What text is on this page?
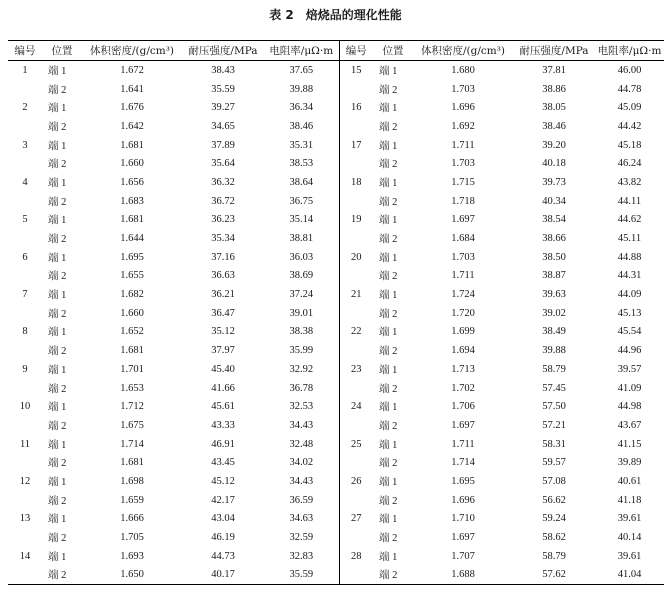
表 2　焙烧品的理化性能
编号	位置	体积密度/(g/cm³)	耐压强度/MPa	电阻率/μΩ·m	编号	位置	体积密度/(g/cm³)	耐压强度/MPa	电阻率/μΩ·m
1	端 1	1.672	38.43	37.65	15	端 1	1.680	37.81	46.00
	端 2	1.641	35.59	39.88		端 2	1.703	38.86	44.78
2	端 1	1.676	39.27	36.34	16	端 1	1.696	38.05	45.09
	端 2	1.642	34.65	38.46		端 2	1.692	38.46	44.42
3	端 1	1.681	37.89	35.31	17	端 1	1.711	39.20	45.18
	端 2	1.660	35.64	38.53		端 2	1.703	40.18	46.24
4	端 1	1.656	36.32	38.64	18	端 1	1.715	39.73	43.82
	端 2	1.683	36.72	36.75		端 2	1.718	40.34	44.11
5	端 1	1.681	36.23	35.14	19	端 1	1.697	38.54	44.62
	端 2	1.644	35.34	38.81		端 2	1.684	38.66	45.11
6	端 1	1.695	37.16	36.03	20	端 1	1.703	38.50	44.88
	端 2	1.655	36.63	38.69		端 2	1.711	38.87	44.31
7	端 1	1.682	36.21	37.24	21	端 1	1.724	39.63	44.09
	端 2	1.660	36.47	39.01		端 2	1.720	39.02	45.13
8	端 1	1.652	35.12	38.38	22	端 1	1.699	38.49	45.54
	端 2	1.681	37.97	35.99		端 2	1.694	39.88	44.96
9	端 1	1.701	45.40	32.92	23	端 1	1.713	58.79	39.57
	端 2	1.653	41.66	36.78		端 2	1.702	57.45	41.09
10	端 1	1.712	45.61	32.53	24	端 1	1.706	57.50	44.98
	端 2	1.675	43.33	34.43		端 2	1.697	57.21	43.67
11	端 1	1.714	46.91	32.48	25	端 1	1.711	58.31	41.15
	端 2	1.681	43.45	34.02		端 2	1.714	59.57	39.89
12	端 1	1.698	45.12	34.43	26	端 1	1.695	57.08	40.61
	端 2	1.659	42.17	36.59		端 2	1.696	56.62	41.18
13	端 1	1.666	43.04	34.63	27	端 1	1.710	59.24	39.61
	端 2	1.705	46.19	32.59		端 2	1.697	58.62	40.14
14	端 1	1.693	44.73	32.83	28	端 1	1.707	58.79	39.61
	端 2	1.650	40.17	35.59		端 2	1.688	57.62	41.04
